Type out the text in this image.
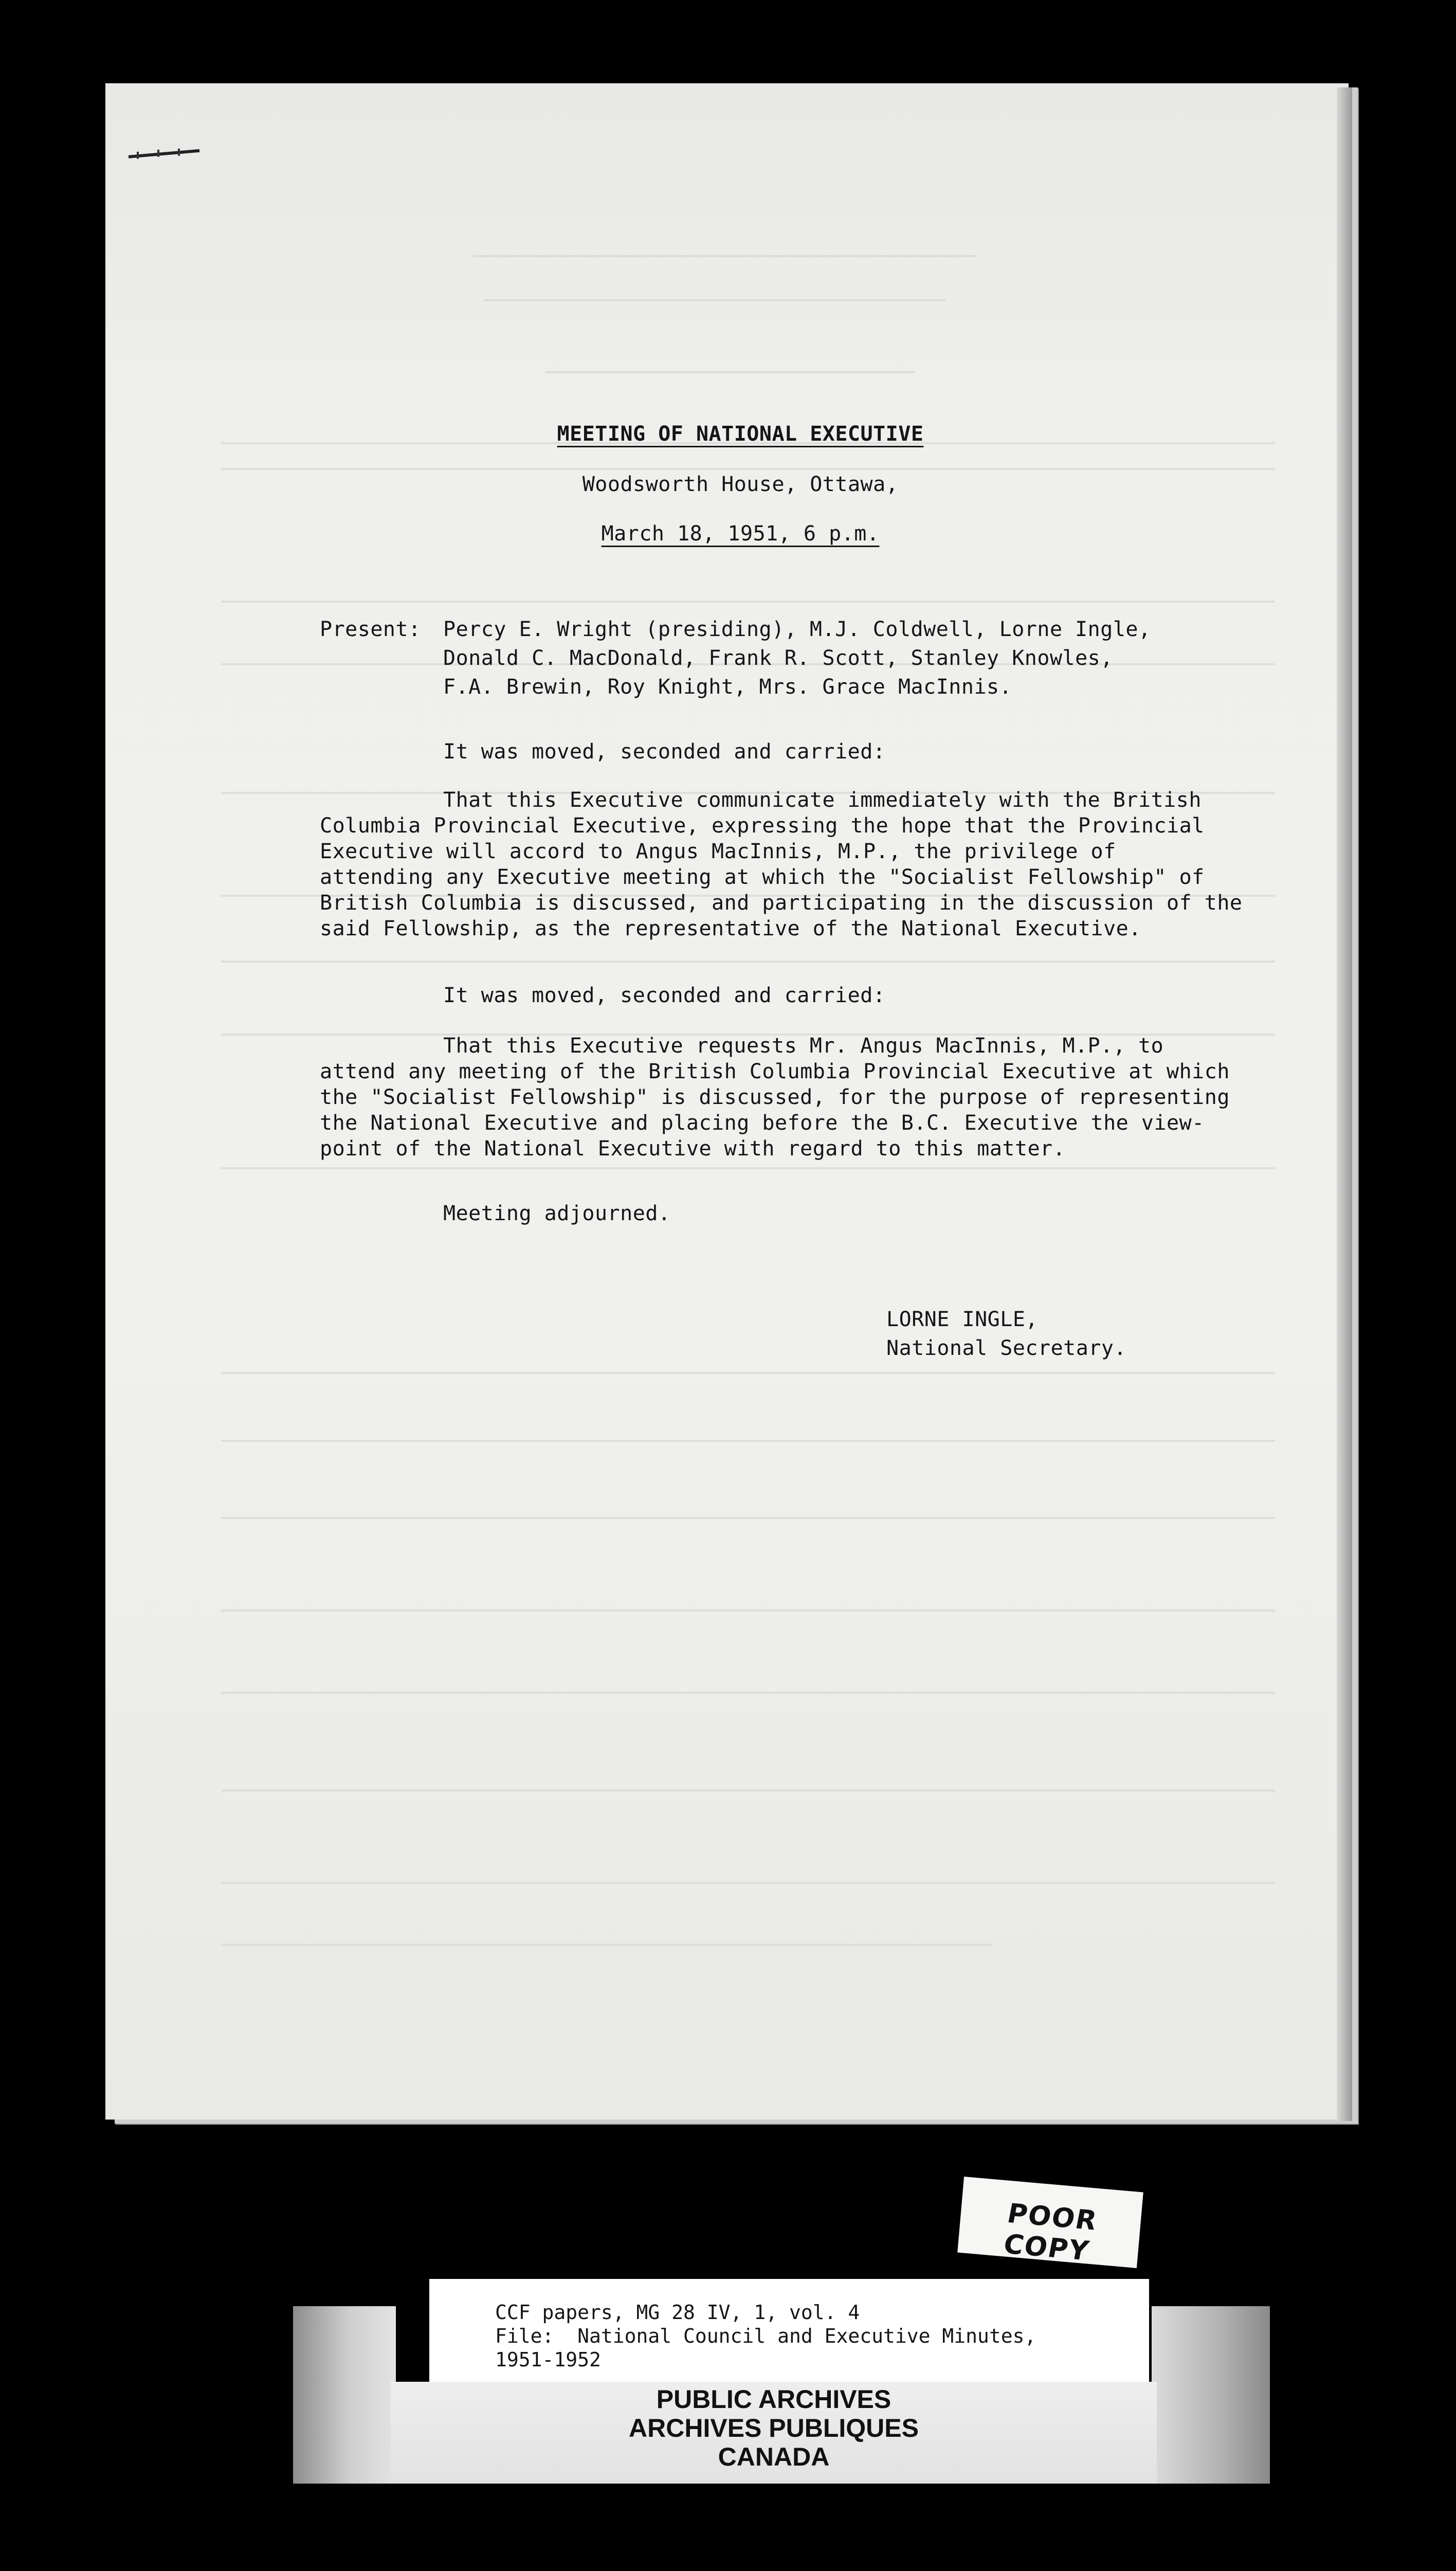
MEETING OF NATIONAL EXECUTIVE
Woodsworth House, Ottawa,
March 18, 1951, 6 p.m.
Present: Percy E. Wright (presiding), M.J. Coldwell, Lorne Ingle,
Donald C. MacDonald, Frank R. Scott, Stanley Knowles,
F.A. Brewin, Roy Knight, Mrs. Grace MacInnis.
It was moved, seconded and carried:
That this Executive communicate immediately with the British
Columbia Provincial Executive, expressing the hope that the Provincial
Executive will accord to Angus MacInnis, M.P., the privilege of
attending any Executive meeting at which the "Socialist Fellowship" of
British Columbia is discussed, and participating in the discussion of the
said Fellowship, as the representative of the National Executive.
It was moved, seconded and carried:
That this Executive requests Mr. Angus MacInnis, M.P., to
attend any meeting of the British Columbia Provincial Executive at which
the "Socialist Fellowship" is discussed, for the purpose of representing
the National Executive and placing before the B.C. Executive the view-
point of the National Executive with regard to this matter.
Meeting adjourned.
LORNE INGLE,
National Secretary.
POOR COPY
CCF papers, MG 28 IV, 1, vol. 4
File:  National Council and Executive Minutes,
1951-1952
PUBLIC ARCHIVES
ARCHIVES PUBLIQUES
CANADA
